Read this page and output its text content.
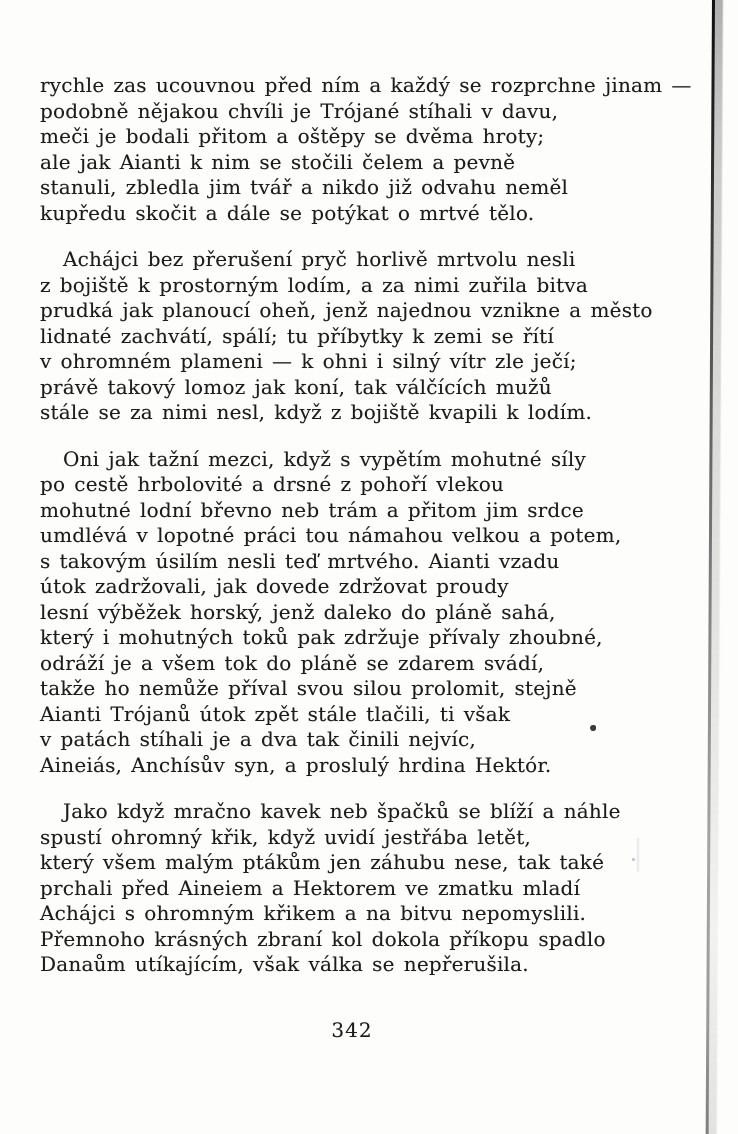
rychle zas ucouvnou před ním a každý se rozprchne jinam —
podobně nějakou chvíli je Trójané stíhali v davu,
meči je bodali přitom a oštěpy se dvěma hroty;
ale jak Aianti k nim se stočili čelem a pevně
stanuli, zbledla jim tvář a nikdo již odvahu neměl
kupředu skočit a dále se potýkat o mrtvé tělo.
Achájci bez přerušení pryč horlivě mrtvolu nesli
z bojiště k prostorným lodím, a za nimi zuřila bitva
prudká jak planoucí oheň, jenž najednou vznikne a město
lidnaté zachvátí, spálí; tu příbytky k zemi se řítí
v ohromném plameni — k ohni i silný vítr zle ječí;
právě takový lomoz jak koní, tak válčících mužů
stále se za nimi nesl, když z bojiště kvapili k lodím.
Oni jak tažní mezci, když s vypětím mohutné síly
po cestě hrbolovité a drsné z pohoří vlekou
mohutné lodní břevno neb trám a přitom jim srdce
umdlévá v lopotné práci tou námahou velkou a potem,
s takovým úsilím nesli teď mrtvého. Aianti vzadu
útok zadržovali, jak dovede zdržovat proudy
lesní výběžek horský, jenž daleko do pláně sahá,
který i mohutných toků pak zdržuje přívaly zhoubné,
odráží je a všem tok do pláně se zdarem svádí,
takže ho nemůže příval svou silou prolomit, stejně
Aianti Trójanů útok zpět stále tlačili, ti však
v patách stíhali je a dva tak činili nejvíc,
Aineiás, Anchísův syn, a proslulý hrdina Hektór.
Jako když mračno kavek neb špačků se blíží a náhle
spustí ohromný křik, když uvidí jestřába letět,
který všem malým ptákům jen záhubu nese, tak také
prchali před Aineiem a Hektorem ve zmatku mladí
Achájci s ohromným křikem a na bitvu nepomyslili.
Přemnoho krásných zbraní kol dokola příkopu spadlo
Danaům utíkajícím, však válka se nepřerušila.
342
